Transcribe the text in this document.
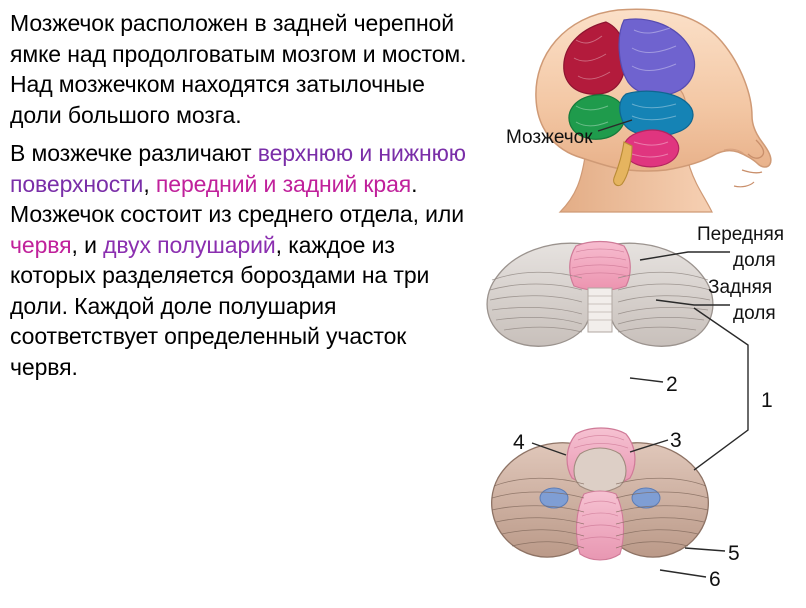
Мозжечок расположен в задней черепной ямке над продолговатым мозгом и мостом. Над мозжечком находятся затылочные доли большого мозга.

В мозжечке различают верхнюю и нижнюю поверхности, передний и задний края. Мозжечок состоит из среднего отдела, или червя, и двух полушарий, каждое из которых разделяется бороздами на три доли. Каждой доле полушария соответствует определенный участок червя.

Мозжечок
Передняя
доля
Задняя
доля
1
2
3
4
5
6
